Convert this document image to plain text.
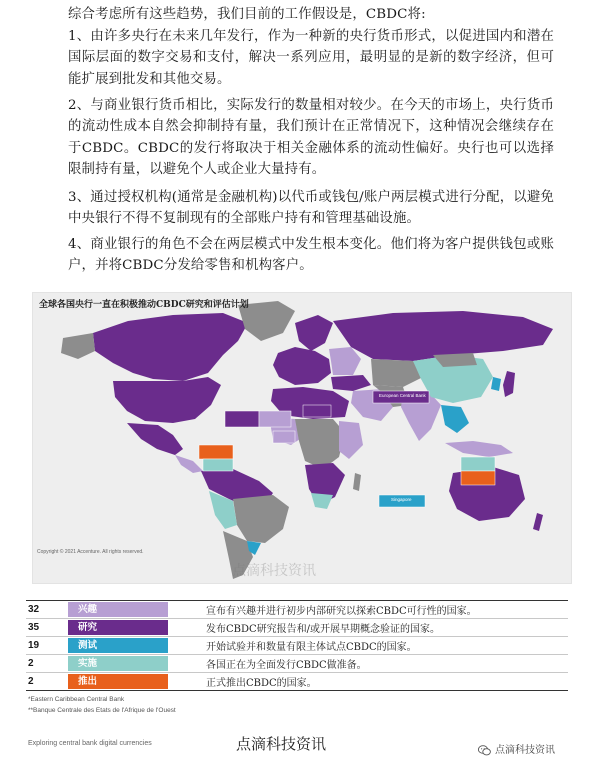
综合考虑所有这些趋势，我们目前的工作假设是，CBDC将:

1、由许多央行在未来几年发行，作为一种新的央行货币形式，以促进国内和潜在国际层面的数字交易和支付，解决一系列应用，最明显的是新的数字经济，但可能扩展到批发和其他交易。

2、与商业银行货币相比，实际发行的数量相对较少。在今天的市场上，央行货币的流动性成本自然会抑制持有量，我们预计在正常情况下，这种情况会继续存在于CBDC。CBDC的发行将取决于相关金融体系的流动性偏好。央行也可以选择限制持有量，以避免个人或企业大量持有。

3、通过授权机构(通常是金融机构)以代币或钱包/账户两层模式进行分配，以避免中央银行不得不复制现有的全部账户持有和管理基础设施。

4、商业银行的角色不会在两层模式中发生根本变化。他们将为客户提供钱包或账户，并将CBDC分发给零售和机构客户。

全球各国央行一直在积极推动CBDC研究和评估计划
European Central Bank
Singapore
Copyright © 2021 Accenture. All rights reserved.
点滴科技资讯
32	兴趣	宣布有兴趣并进行初步内部研究以探索CBDC可行性的国家。
35	研究	发布CBDC研究报告和/或开展早期概念验证的国家。
19	测试	开始试验并和数量有限主体试点CBDC的国家。
2	实施	各国正在为全面发行CBDC做准备。
2	推出	正式推出CBDC的国家。
*Eastern Caribbean Central Bank
**Banque Centrale des Etats de l'Afrique de l'Ouest
Exploring central bank digital currencies	点滴科技资讯	点滴科技资讯
